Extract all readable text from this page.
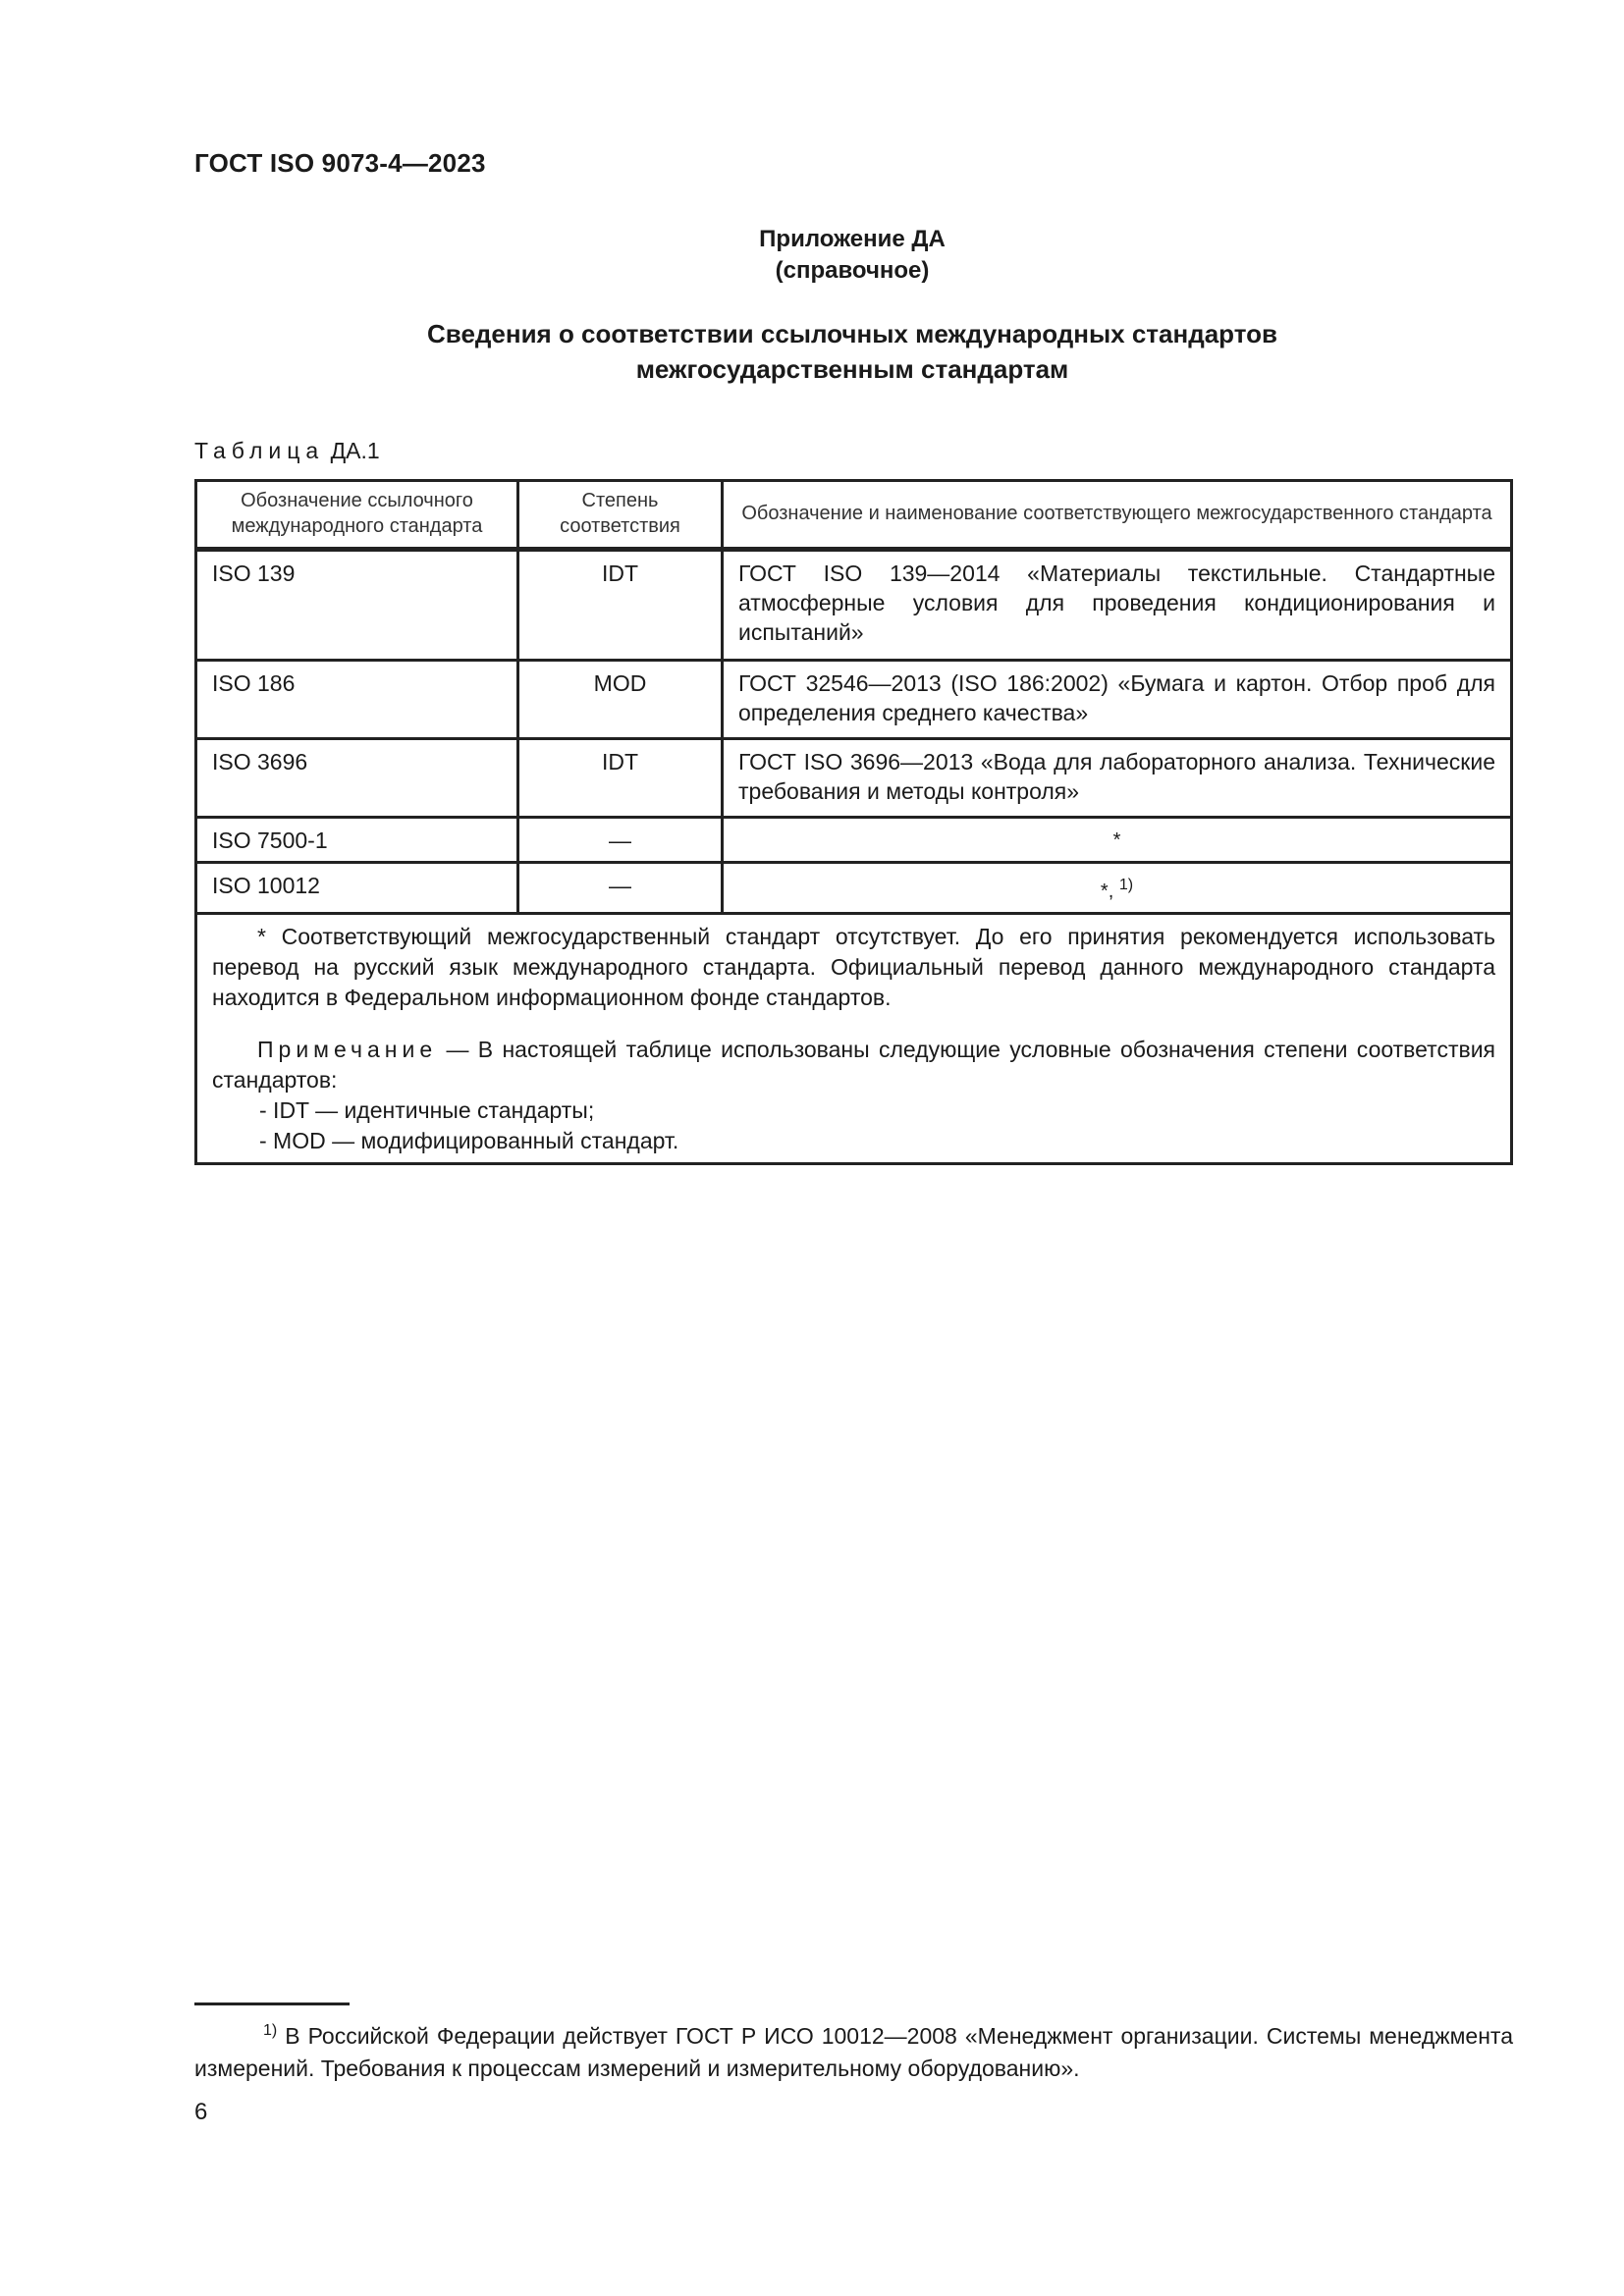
ГОСТ ISO 9073-4—2023
Приложение ДА
(справочное)
Сведения о соответствии ссылочных международных стандартов
межгосударственным стандартам
Таблица ДА.1
Обозначение ссылочного международного стандарта	Степень соответствия	Обозначение и наименование соответствующего межгосударственного стандарта
ISO 139	IDT	ГОСТ ISO 139—2014 «Материалы текстильные. Стандартные атмосферные условия для проведения кондиционирования и испытаний»
ISO 186	MOD	ГОСТ 32546—2013 (ISO 186:2002) «Бумага и картон. Отбор проб для определения среднего качества»
ISO 3696	IDT	ГОСТ ISO 3696—2013 «Вода для лабораторного анализа. Технические требования и методы контроля»
ISO 7500-1	—	*
ISO 10012	—	*, $^{1)}$

* Соответствующий межгосударственный стандарт отсутствует. До его принятия рекомендуется использовать перевод на русский язык международного стандарта. Официальный перевод данного международного стандарта находится в Федеральном информационном фонде стандартов.

Примечание — В настоящей таблице использованы следующие условные обозначения степени соответствия стандартов:

- IDT — идентичные стандарты;

- MOD — модифицированный стандарт.		

$^{1)}$ В Российской Федерации действует ГОСТ Р ИСО 10012—2008 «Менеджмент организации. Системы менеджмента измерений. Требования к процессам измерений и измерительному оборудованию».

6
